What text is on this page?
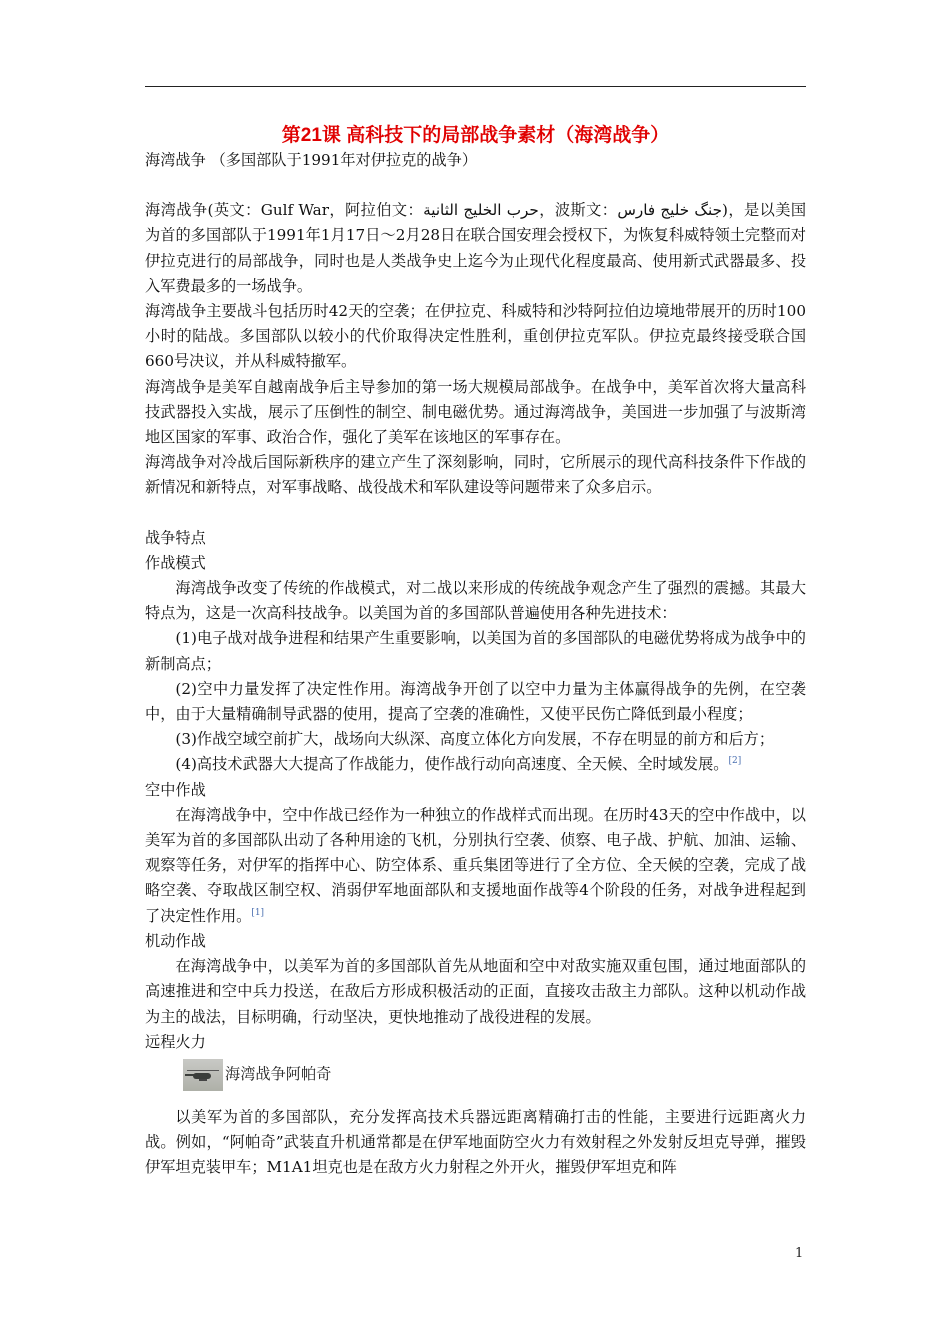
第21课 高科技下的局部战争素材（海湾战争）

海湾战争 （多国部队于1991年对伊拉克的战争）

海湾战争(英文：Gulf War，阿拉伯文：حرب الخليج الثانية，波斯文：جنگ خلیج فارس)，是以美国为首的多国部队于1991年1月17日～2月28日在联合国安理会授权下，为恢复科威特领土完整而对伊拉克进行的局部战争，同时也是人类战争史上迄今为止现代化程度最高、使用新式武器最多、投入军费最多的一场战争。

海湾战争主要战斗包括历时42天的空袭；在伊拉克、科威特和沙特阿拉伯边境地带展开的历时100小时的陆战。多国部队以较小的代价取得决定性胜利，重创伊拉克军队。伊拉克最终接受联合国660号决议，并从科威特撤军。

海湾战争是美军自越南战争后主导参加的第一场大规模局部战争。在战争中，美军首次将大量高科技武器投入实战，展示了压倒性的制空、制电磁优势。通过海湾战争，美国进一步加强了与波斯湾地区国家的军事、政治合作，强化了美军在该地区的军事存在。

海湾战争对冷战后国际新秩序的建立产生了深刻影响，同时，它所展示的现代高科技条件下作战的新情况和新特点，对军事战略、战役战术和军队建设等问题带来了众多启示。

战争特点

作战模式

海湾战争改变了传统的作战模式，对二战以来形成的传统战争观念产生了强烈的震撼。其最大特点为，这是一次高科技战争。以美国为首的多国部队普遍使用各种先进技术：

(1)电子战对战争进程和结果产生重要影响，以美国为首的多国部队的电磁优势将成为战争中的新制高点；

(2)空中力量发挥了决定性作用。海湾战争开创了以空中力量为主体赢得战争的先例，在空袭中，由于大量精确制导武器的使用，提高了空袭的准确性，又使平民伤亡降低到最小程度；

(3)作战空域空前扩大，战场向大纵深、高度立体化方向发展，不存在明显的前方和后方；

(4)高技术武器大大提高了作战能力，使作战行动向高速度、全天候、全时域发展。[2]

空中作战

在海湾战争中，空中作战已经作为一种独立的作战样式而出现。在历时43天的空中作战中，以美军为首的多国部队出动了各种用途的飞机，分别执行空袭、侦察、电子战、护航、加油、运输、观察等任务，对伊军的指挥中心、防空体系、重兵集团等进行了全方位、全天候的空袭，完成了战略空袭、夺取战区制空权、消弱伊军地面部队和支援地面作战等4个阶段的任务，对战争进程起到了决定性作用。[1]

机动作战

在海湾战争中，以美军为首的多国部队首先从地面和空中对敌实施双重包围，通过地面部队的高速推进和空中兵力投送，在敌后方形成积极活动的正面，直接攻击敌主力部队。这种以机动作战为主的战法，目标明确，行动坚决，更快地推动了战役进程的发展。

远程火力

海湾战争阿帕奇

以美军为首的多国部队，充分发挥高技术兵器远距离精确打击的性能，主要进行远距离火力战。例如，“阿帕奇”武装直升机通常都是在伊军地面防空火力有效射程之外发射反坦克导弹，摧毁伊军坦克装甲车；M1A1坦克也是在敌方火力射程之外开火，摧毁伊军坦克和阵

1
